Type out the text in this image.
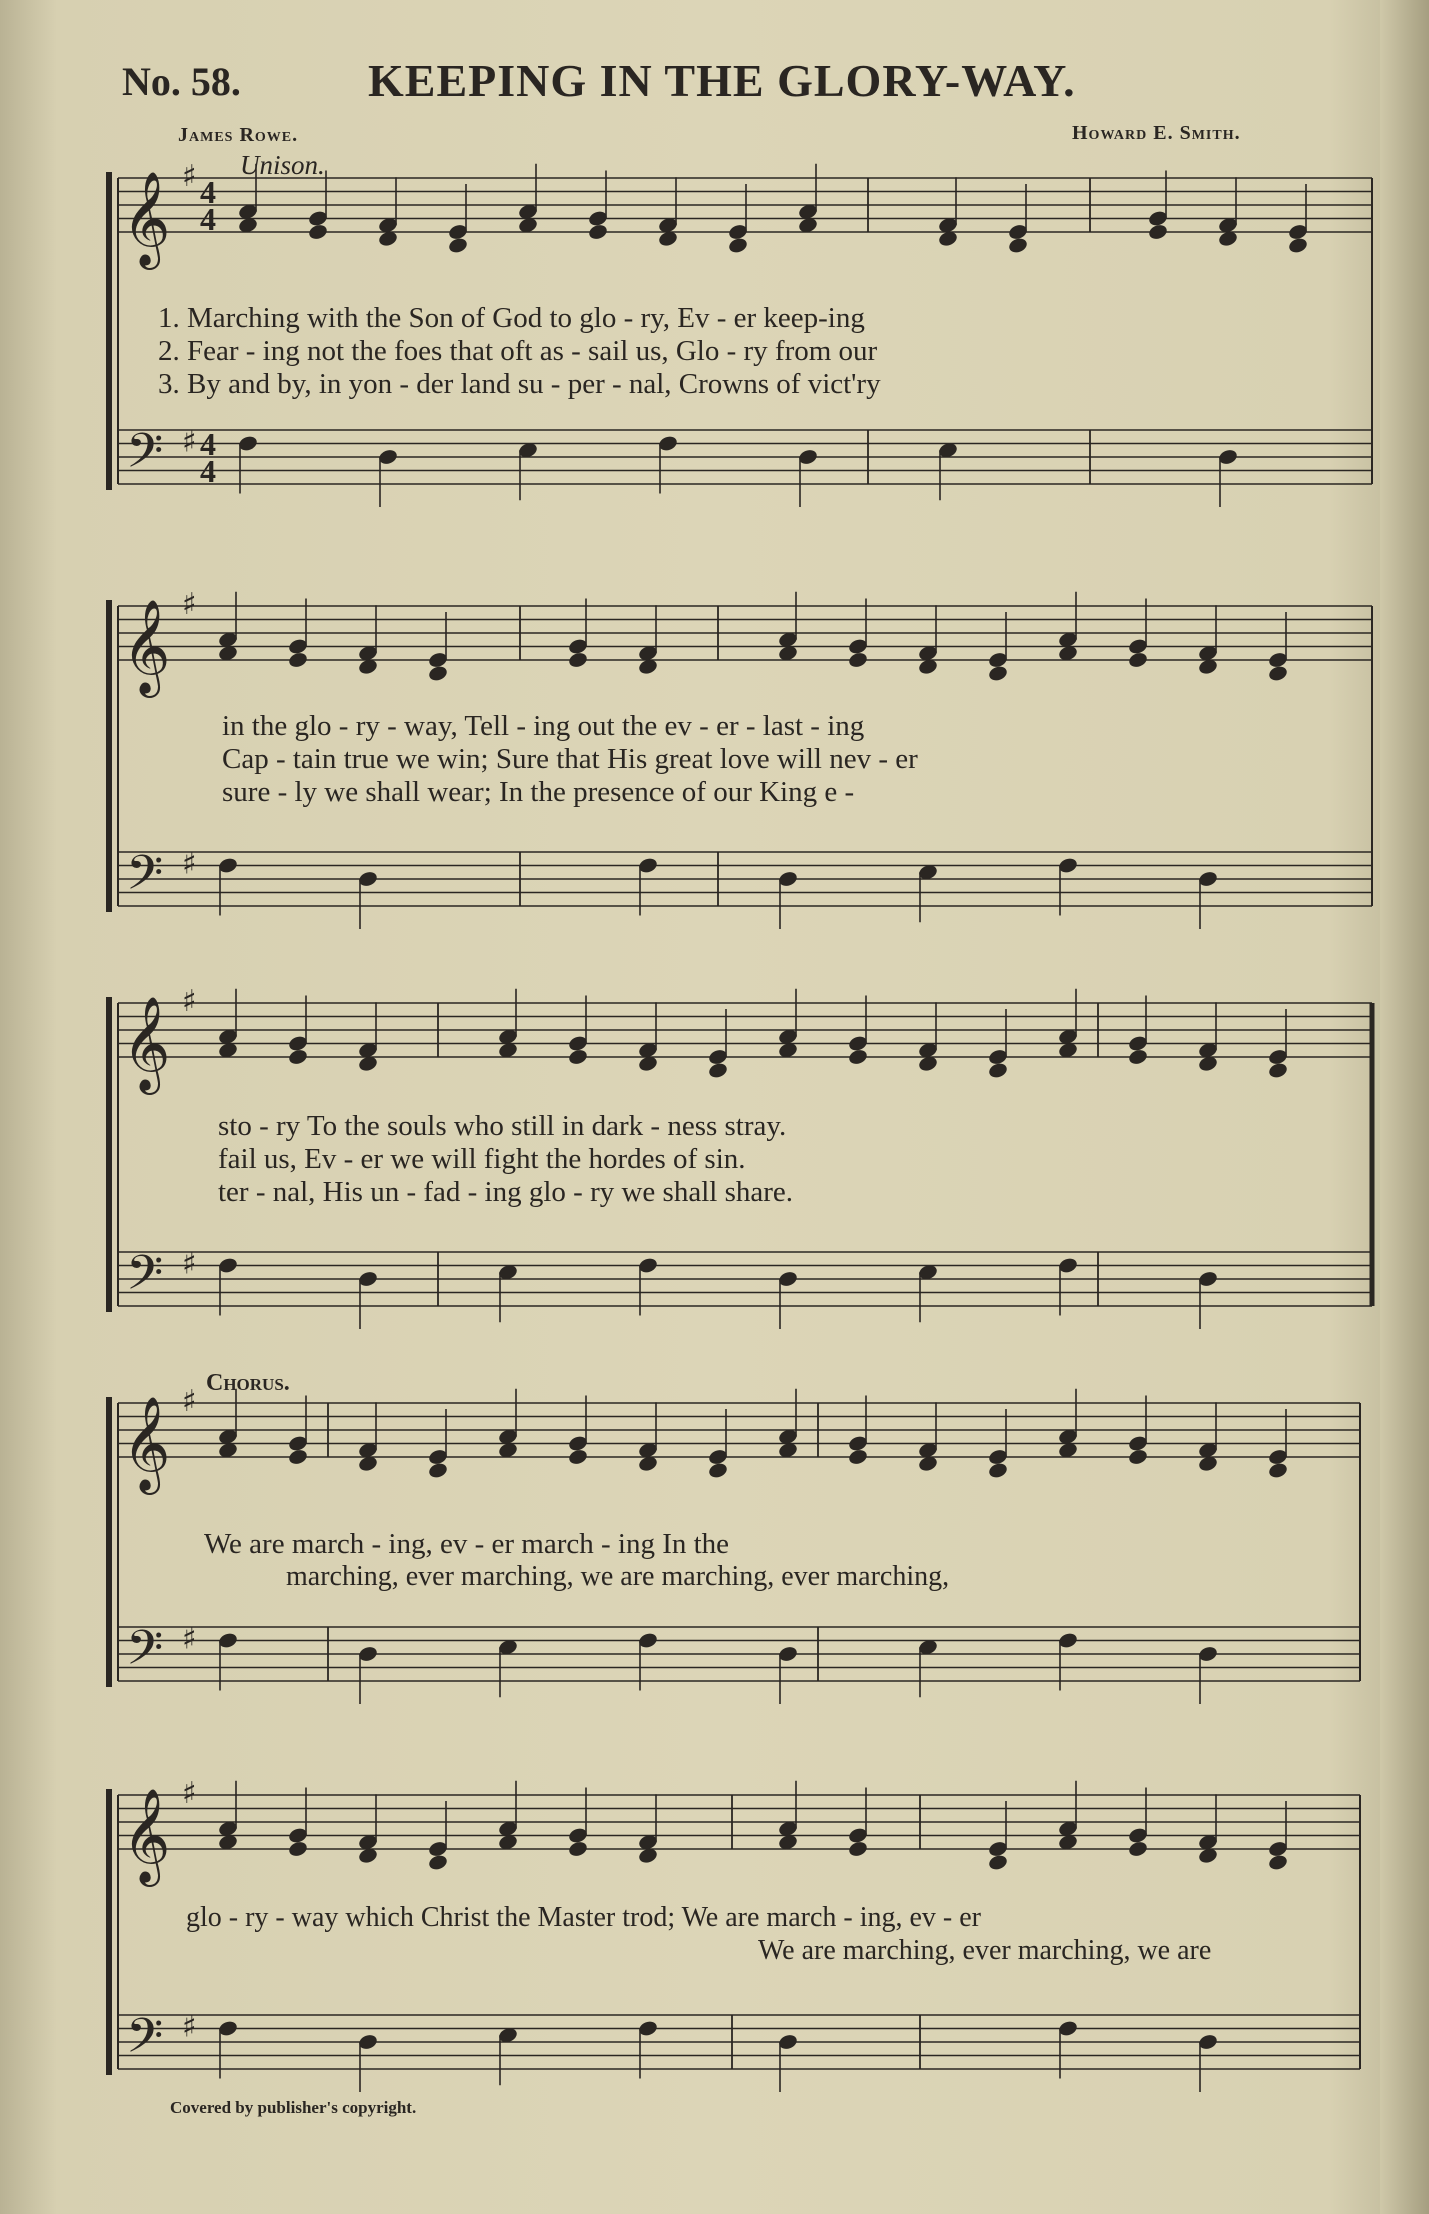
No. 58.	KEEPING IN THE GLORY-WAY.
James Rowe.	Howard E. Smith.
Unison.
Chorus.
𝄞
𝄢
♯
♯
4
4
4
4
𝄞
𝄢
♯
♯
𝄞
𝄢
♯
♯
𝄞
𝄢
♯
♯
𝄞
𝄢
♯
♯
1. Marching with the Son of God to glo - ry, Ev - er keep-ing
2. Fear - ing not the foes that oft as - sail us, Glo - ry from our
3. By and by, in yon - der land su - per - nal, Crowns of vict'ry
in the glo - ry - way, Tell - ing out the ev - er - last - ing
Cap - tain true we win; Sure that His great love will nev - er
sure - ly we shall wear; In the presence of our King e -
sto - ry To the souls who still in dark - ness stray.
fail us, Ev - er we will fight the hordes of sin.
ter - nal, His un - fad - ing glo - ry we shall share.
We are march - ing, ev - er march - ing In the
marching, ever marching, we are marching, ever marching,
glo - ry - way which Christ the Master trod; We are march - ing, ev - er
We are marching, ever marching, we are
Covered by publisher's copyright.
